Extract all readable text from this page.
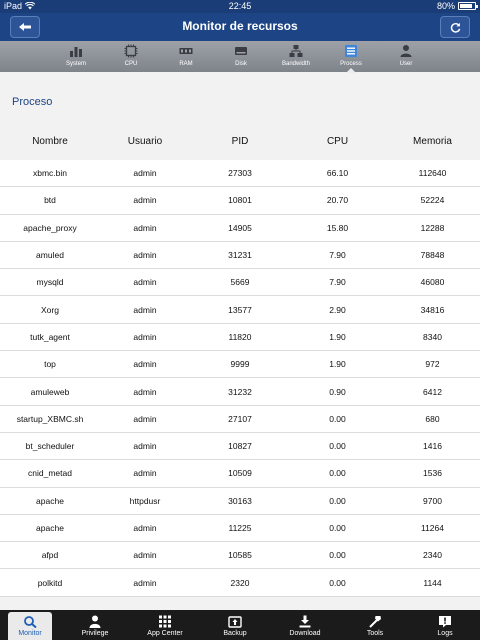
iPad	22:45	80%
Monitor de recursos
System	CPU	RAM	Disk	Bandwidth	Process	User
Proceso
Nombre	Usuario	PID	CPU	Memoria
xbmc.bin	admin	27303	66.10	112640
btd	admin	10801	20.70	52224
apache_proxy	admin	14905	15.80	12288
amuled	admin	31231	7.90	78848
mysqld	admin	5669	7.90	46080
Xorg	admin	13577	2.90	34816
tutk_agent	admin	11820	1.90	8340
top	admin	9999	1.90	972
amuleweb	admin	31232	0.90	6412
startup_XBMC.sh	admin	27107	0.00	680
bt_scheduler	admin	10827	0.00	1416
cnid_metad	admin	10509	0.00	1536
apache	httpdusr	30163	0.00	9700
apache	admin	11225	0.00	11264
afpd	admin	10585	0.00	2340
polkitd	admin	2320	0.00	1144
Monitor	Privilege	App Center	Backup	Download	Tools	Logs
